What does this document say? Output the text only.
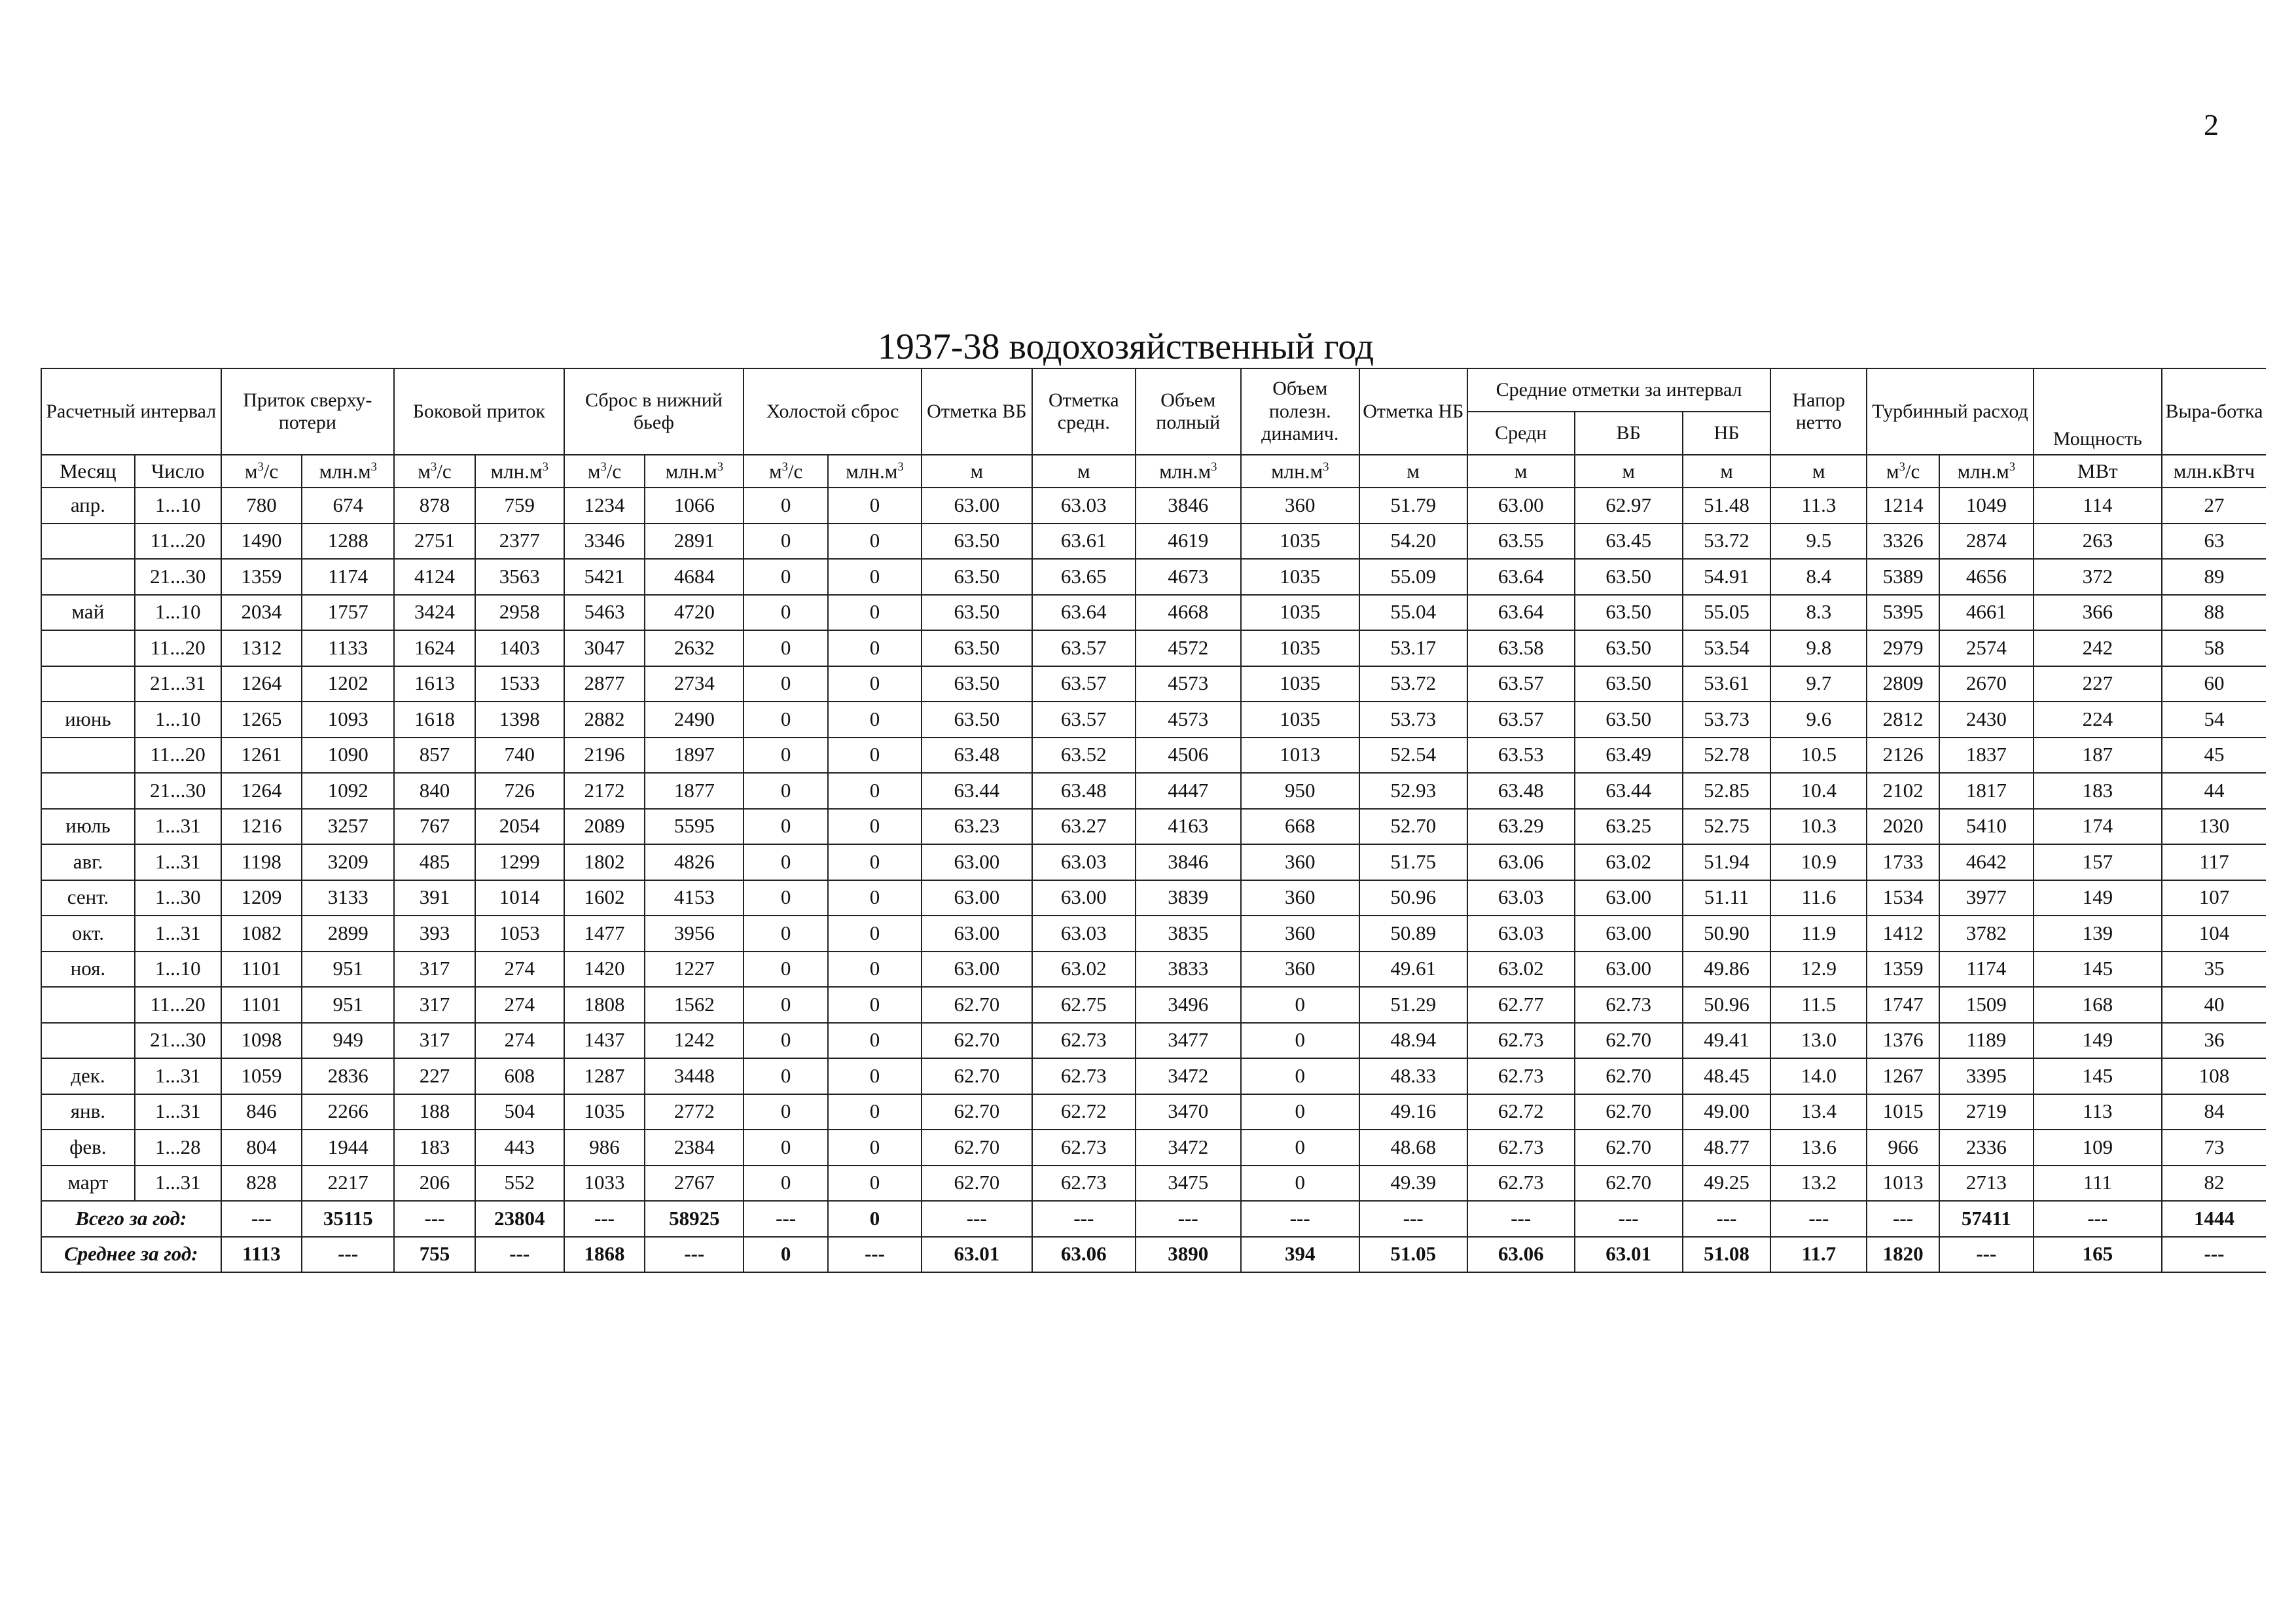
2
1937-38 водохозяйственный год
Расчетный интервал		Приток сверху-потери		Боковой приток		Сброс в нижний бьеф		Холостой сброс		Отметка ВБ	Отметка средн.	Объем полный	Объем полезн. динамич.	Отметка НБ	Средние отметки за интервал			Напор нетто	Турбинный расход		Мощность	Выра-ботка
															Средн	ВБ	НБ					
Месяц	Число	$м^3/с$	$млн.м^3$	$м^3/с$	$млн.м^3$	$м^3/с$	$млн.м^3$	$м^3/с$	$млн.м^3$	м	м	$млн.м^3$	$млн.м^3$	м	м	м	м	м	$м^3/с$	$млн.м^3$	МВт	млн.кВтч
апр.	1...10	780	674	878	759	1234	1066	0	0	63.00	63.03	3846	360	51.79	63.00	62.97	51.48	11.3	1214	1049	114	27
	11...20	1490	1288	2751	2377	3346	2891	0	0	63.50	63.61	4619	1035	54.20	63.55	63.45	53.72	9.5	3326	2874	263	63
	21...30	1359	1174	4124	3563	5421	4684	0	0	63.50	63.65	4673	1035	55.09	63.64	63.50	54.91	8.4	5389	4656	372	89
май	1...10	2034	1757	3424	2958	5463	4720	0	0	63.50	63.64	4668	1035	55.04	63.64	63.50	55.05	8.3	5395	4661	366	88
	11...20	1312	1133	1624	1403	3047	2632	0	0	63.50	63.57	4572	1035	53.17	63.58	63.50	53.54	9.8	2979	2574	242	58
	21...31	1264	1202	1613	1533	2877	2734	0	0	63.50	63.57	4573	1035	53.72	63.57	63.50	53.61	9.7	2809	2670	227	60
июнь	1...10	1265	1093	1618	1398	2882	2490	0	0	63.50	63.57	4573	1035	53.73	63.57	63.50	53.73	9.6	2812	2430	224	54
	11...20	1261	1090	857	740	2196	1897	0	0	63.48	63.52	4506	1013	52.54	63.53	63.49	52.78	10.5	2126	1837	187	45
	21...30	1264	1092	840	726	2172	1877	0	0	63.44	63.48	4447	950	52.93	63.48	63.44	52.85	10.4	2102	1817	183	44
июль	1...31	1216	3257	767	2054	2089	5595	0	0	63.23	63.27	4163	668	52.70	63.29	63.25	52.75	10.3	2020	5410	174	130
авг.	1...31	1198	3209	485	1299	1802	4826	0	0	63.00	63.03	3846	360	51.75	63.06	63.02	51.94	10.9	1733	4642	157	117
сент.	1...30	1209	3133	391	1014	1602	4153	0	0	63.00	63.00	3839	360	50.96	63.03	63.00	51.11	11.6	1534	3977	149	107
окт.	1...31	1082	2899	393	1053	1477	3956	0	0	63.00	63.03	3835	360	50.89	63.03	63.00	50.90	11.9	1412	3782	139	104
ноя.	1...10	1101	951	317	274	1420	1227	0	0	63.00	63.02	3833	360	49.61	63.02	63.00	49.86	12.9	1359	1174	145	35
	11...20	1101	951	317	274	1808	1562	0	0	62.70	62.75	3496	0	51.29	62.77	62.73	50.96	11.5	1747	1509	168	40
	21...30	1098	949	317	274	1437	1242	0	0	62.70	62.73	3477	0	48.94	62.73	62.70	49.41	13.0	1376	1189	149	36
дек.	1...31	1059	2836	227	608	1287	3448	0	0	62.70	62.73	3472	0	48.33	62.73	62.70	48.45	14.0	1267	3395	145	108
янв.	1...31	846	2266	188	504	1035	2772	0	0	62.70	62.72	3470	0	49.16	62.72	62.70	49.00	13.4	1015	2719	113	84
фев.	1...28	804	1944	183	443	986	2384	0	0	62.70	62.73	3472	0	48.68	62.73	62.70	48.77	13.6	966	2336	109	73
март	1...31	828	2217	206	552	1033	2767	0	0	62.70	62.73	3475	0	49.39	62.73	62.70	49.25	13.2	1013	2713	111	82
Всего за год:		---	35115	---	23804	---	58925	---	0	---	---	---	---	---	---	---	---	---	---	57411	---	1444
Среднее за год:		1113	---	755	---	1868	---	0	---	63.01	63.06	3890	394	51.05	63.06	63.01	51.08	11.7	1820	---	165	---
